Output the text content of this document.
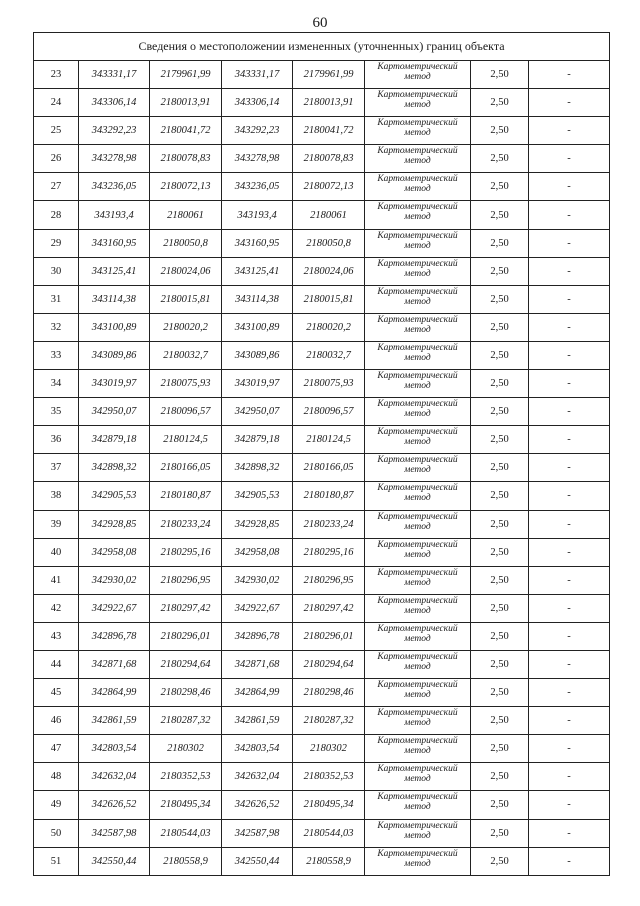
60
Сведения о местоположении измененных (уточненных) границ объекта							
23	343331,17	2179961,99	343331,17	2179961,99	Картометрический метод	2,50	-
24	343306,14	2180013,91	343306,14	2180013,91	Картометрический метод	2,50	-
25	343292,23	2180041,72	343292,23	2180041,72	Картометрический метод	2,50	-
26	343278,98	2180078,83	343278,98	2180078,83	Картометрический метод	2,50	-
27	343236,05	2180072,13	343236,05	2180072,13	Картометрический метод	2,50	-
28	343193,4	2180061	343193,4	2180061	Картометрический метод	2,50	-
29	343160,95	2180050,8	343160,95	2180050,8	Картометрический метод	2,50	-
30	343125,41	2180024,06	343125,41	2180024,06	Картометрический метод	2,50	-
31	343114,38	2180015,81	343114,38	2180015,81	Картометрический метод	2,50	-
32	343100,89	2180020,2	343100,89	2180020,2	Картометрический метод	2,50	-
33	343089,86	2180032,7	343089,86	2180032,7	Картометрический метод	2,50	-
34	343019,97	2180075,93	343019,97	2180075,93	Картометрический метод	2,50	-
35	342950,07	2180096,57	342950,07	2180096,57	Картометрический метод	2,50	-
36	342879,18	2180124,5	342879,18	2180124,5	Картометрический метод	2,50	-
37	342898,32	2180166,05	342898,32	2180166,05	Картометрический метод	2,50	-
38	342905,53	2180180,87	342905,53	2180180,87	Картометрический метод	2,50	-
39	342928,85	2180233,24	342928,85	2180233,24	Картометрический метод	2,50	-
40	342958,08	2180295,16	342958,08	2180295,16	Картометрический метод	2,50	-
41	342930,02	2180296,95	342930,02	2180296,95	Картометрический метод	2,50	-
42	342922,67	2180297,42	342922,67	2180297,42	Картометрический метод	2,50	-
43	342896,78	2180296,01	342896,78	2180296,01	Картометрический метод	2,50	-
44	342871,68	2180294,64	342871,68	2180294,64	Картометрический метод	2,50	-
45	342864,99	2180298,46	342864,99	2180298,46	Картометрический метод	2,50	-
46	342861,59	2180287,32	342861,59	2180287,32	Картометрический метод	2,50	-
47	342803,54	2180302	342803,54	2180302	Картометрический метод	2,50	-
48	342632,04	2180352,53	342632,04	2180352,53	Картометрический метод	2,50	-
49	342626,52	2180495,34	342626,52	2180495,34	Картометрический метод	2,50	-
50	342587,98	2180544,03	342587,98	2180544,03	Картометрический метод	2,50	-
51	342550,44	2180558,9	342550,44	2180558,9	Картометрический метод	2,50	-
